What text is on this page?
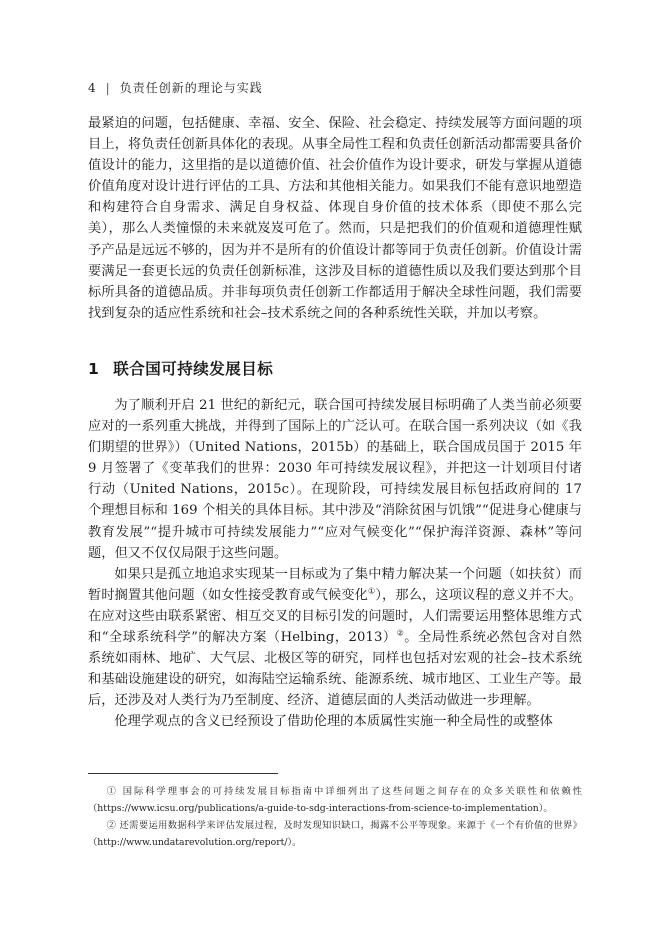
4 | 负责任创新的理论与实践

最紧迫的问题，包括健康、幸福、安全、保险、社会稳定、持续发展等方面问题的项目上，将负责任创新具体化的表现。从事全局性工程和负责任创新活动都需要具备价值设计的能力，这里指的是以道德价值、社会价值作为设计要求，研发与掌握从道德价值角度对设计进行评估的工具、方法和其他相关能力。如果我们不能有意识地塑造和构建符合自身需求、满足自身权益、体现自身价值的技术体系（即使不那么完美），那么人类憧憬的未来就岌岌可危了。然而，只是把我们的价值观和道德理性赋予产品是远远不够的，因为并不是所有的价值设计都等同于负责任创新。价值设计需要满足一套更长远的负责任创新标准，这涉及目标的道德性质以及我们要达到那个目标所具备的道德品质。并非每项负责任创新工作都适用于解决全球性问题，我们需要找到复杂的适应性系统和社会–技术系统之间的各种系统性关联，并加以考察。

1 联合国可持续发展目标

为了顺利开启 21 世纪的新纪元，联合国可持续发展目标明确了人类当前必须要应对的一系列重大挑战，并得到了国际上的广泛认可。在联合国一系列决议（如《我们期望的世界》）（United Nations，2015b）的基础上，联合国成员国于 2015 年 9 月签署了《变革我们的世界：2030 年可持续发展议程》，并把这一计划项目付诸行动（United Nations，2015c）。在现阶段，可持续发展目标包括政府间的 17 个理想目标和 169 个相关的具体目标。其中涉及“消除贫困与饥饿”“促进身心健康与教育发展”“提升城市可持续发展能力”“应对气候变化”“保护海洋资源、森林”等问题，但又不仅仅局限于这些问题。

如果只是孤立地追求实现某一目标或为了集中精力解决某一个问题（如扶贫）而暂时搁置其他问题（如女性接受教育或气候变化①），那么，这项议程的意义并不大。在应对这些由联系紧密、相互交叉的目标引发的问题时，人们需要运用整体思维方式和“全球系统科学”的解决方案（Helbing，2013）②。全局性系统必然包含对自然系统如雨林、地矿、大气层、北极区等的研究，同样也包括对宏观的社会–技术系统和基础设施建设的研究，如海陆空运输系统、能源系统、城市地区、工业生产等。最后，还涉及对人类行为乃至制度、经济、道德层面的人类活动做进一步理解。

伦理学观点的含义已经预设了借助伦理的本质属性实施一种全局性的或整体

① 国际科学理事会的可持续发展目标指南中详细列出了这些问题之间存在的众多关联性和依赖性（https://www.icsu.org/publications/a-guide-to-sdg-interactions-from-science-to-implementation）。

② 还需要运用数据科学来评估发展过程，及时发现知识缺口，揭露不公平等现象。来源于《一个有价值的世界》（http://www.undatarevolution.org/report/）。
